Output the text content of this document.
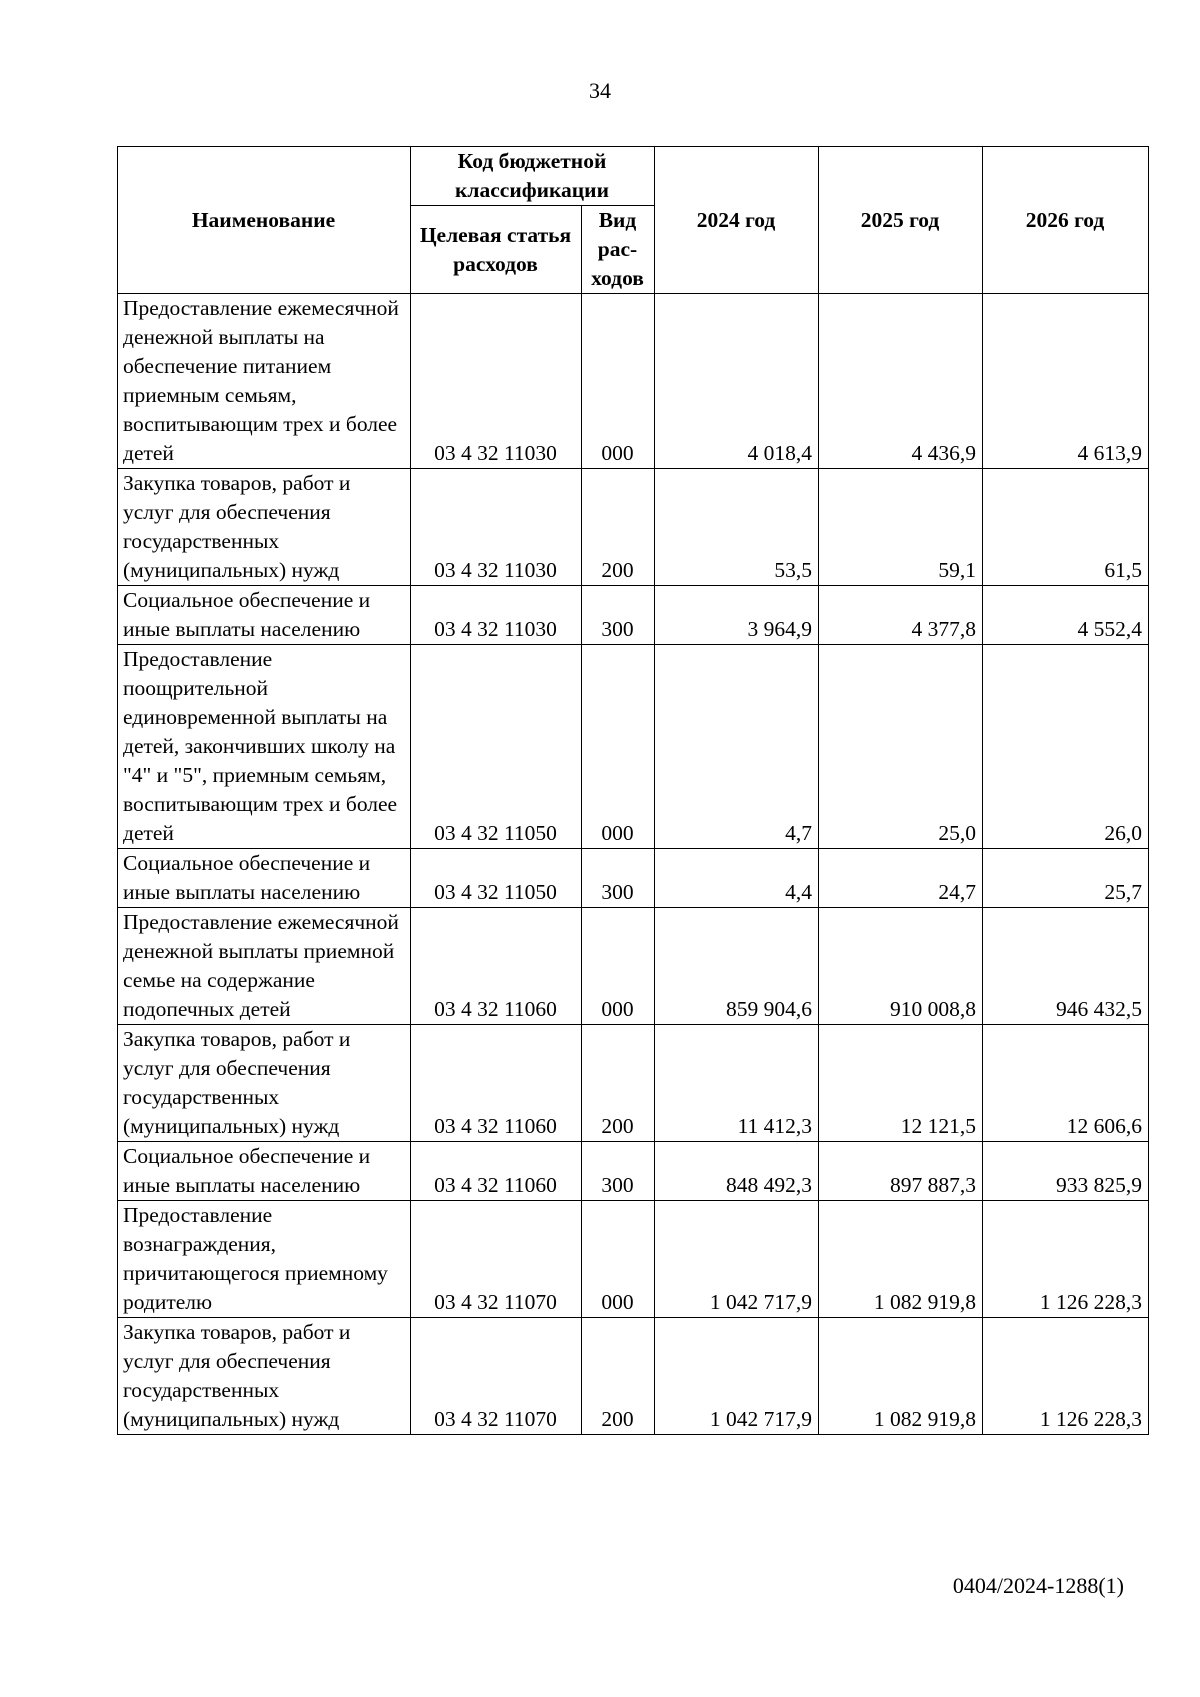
34
Наименование	Код бюджетной классификации		2024 год	2025 год	2026 год
	Целевая статья расходов	Вид рас-ходов			
Предоставление ежемесячной денежной выплаты на обеспечение питанием приемным семьям, воспитывающим трех и более детей	03 4 32 11030	000	4 018,4	4 436,9	4 613,9
Закупка товаров, работ и услуг для обеспечения государственных (муниципальных) нужд	03 4 32 11030	200	53,5	59,1	61,5
Социальное обеспечение и иные выплаты населению	03 4 32 11030	300	3 964,9	4 377,8	4 552,4
Предоставление поощрительной единовременной выплаты на детей, закончивших школу на "4" и "5", приемным семьям, воспитывающим трех и более детей	03 4 32 11050	000	4,7	25,0	26,0
Социальное обеспечение и иные выплаты населению	03 4 32 11050	300	4,4	24,7	25,7
Предоставление ежемесячной денежной выплаты приемной семье на содержание подопечных детей	03 4 32 11060	000	859 904,6	910 008,8	946 432,5
Закупка товаров, работ и услуг для обеспечения государственных (муниципальных) нужд	03 4 32 11060	200	11 412,3	12 121,5	12 606,6
Социальное обеспечение и иные выплаты населению	03 4 32 11060	300	848 492,3	897 887,3	933 825,9
Предоставление вознаграждения, причитающегося приемному родителю	03 4 32 11070	000	1 042 717,9	1 082 919,8	1 126 228,3
Закупка товаров, работ и услуг для обеспечения государственных (муниципальных) нужд	03 4 32 11070	200	1 042 717,9	1 082 919,8	1 126 228,3
0404/2024-1288(1)
